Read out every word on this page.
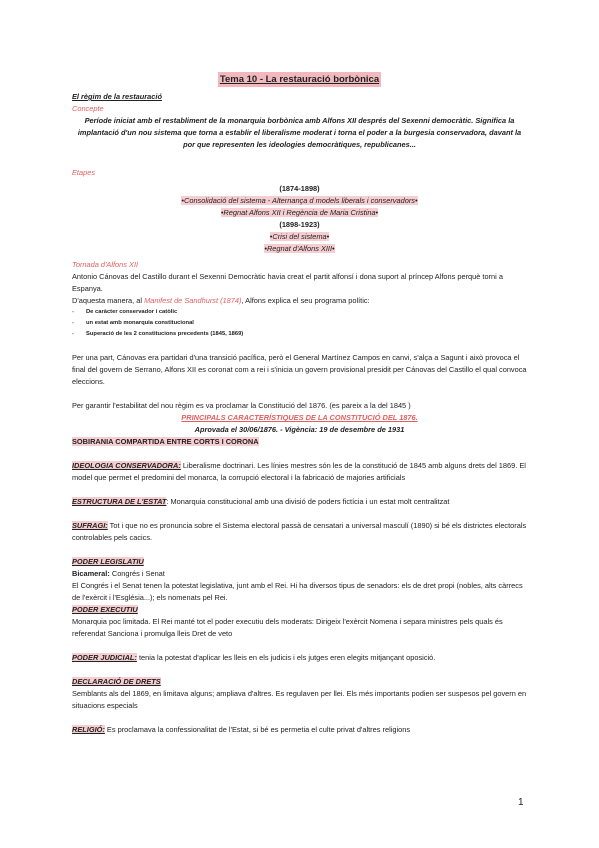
Tema 10 - La restauració borbònica

El règim de la restauració

Concepte

Període iniciat amb el restabliment de la monarquia borbònica amb Alfons XII després del Sexenni democràtic. Significa la implantació d'un nou sistema que torna a establir el liberalisme moderat i torna el poder a la burgesia conservadora, davant la por que representen les ideologies democràtiques, republicanes...

Etapes

(1874-1898)

•Consolidació del sistema - Alternança d models liberals i conservadors•

•Regnat Alfons XII i Regència de Maria Cristina•

(1898-1923)

•Crisi del sistema•

•Regnat d'Alfons XIII•

Tornada d'Alfons XII

Antonio Cánovas del Castillo durant el Sexenni Democràtic havia creat el partit alfonsí i dona suport al príncep Alfons perquè torni a Espanya.

D'aquesta manera, al Manifest de Sandhurst (1874), Alfons explica el seu programa polític:

- De caràcter conservador i catòlic
- un estat amb monarquia constitucional
- Superació de les 2 constitucions precedents (1845, 1869)

Per una part, Cánovas era partidari d'una transició pacífica, però el General Martínez Campos en canvi, s'alça a Sagunt i això provoca el final del govern de Serrano, Alfons XII es coronat com a rei i s'inicia un govern provisional presidit per Cánovas del Castillo el qual convoca eleccions.

Per garantir l'estabilitat del nou règim es va proclamar la Constitució del 1876. (es pareix a la del 1845 )

PRINCIPALS CARACTERÍSTIQUES DE LA CONSTITUCIÓ DEL 1876.

Aprovada el 30/06/1876. - Vigència: 19 de desembre de 1931

SOBIRANIA COMPARTIDA ENTRE CORTS I CORONA

IDEOLOGIA CONSERVADORA: Liberalisme doctrinari. Les línies mestres són les de la constitució de 1845 amb alguns drets del 1869. El model que permet el predomini del monarca, la corrupció electoral i la fabricació de majories artificials

ESTRUCTURA DE L'ESTAT: Monarquia constitucional amb una divisió de poders fictícia i un estat molt centralitzat

SUFRAGI: Tot i que no es pronuncia sobre el Sistema electoral passà de censatari a universal masculí (1890) si bé els districtes electorals controlables pels cacics.

PODER LEGISLATIU

Bicameral: Congrés i Senat

El Congrés i el Senat tenen la potestat legislativa, junt amb el Rei. Hi ha diversos tipus de senadors: els de dret propi (nobles, alts càrrecs de l'exèrcit i l'Església...); els nomenats pel Rei.

PODER EXECUTIU

Monarquia poc limitada. El Rei manté tot el poder executiu dels moderats: Dirigeix l'exèrcit Nomena i separa ministres pels quals és referendat Sanciona i promulga lleis Dret de veto

PODER JUDICIAL: tenia la potestat d'aplicar les lleis en els judicis i els jutges eren elegits mitjançant oposició.

DECLARACIÓ DE DRETS

Semblants als del 1869, en limitava alguns; ampliava d'altres. Es regulaven per llei. Els més importants podien ser suspesos pel govern en situacions especials

RELIGIÓ: Es proclamava la confessionalitat de l'Estat, si bé es permetia el culte privat d'altres religions

1
